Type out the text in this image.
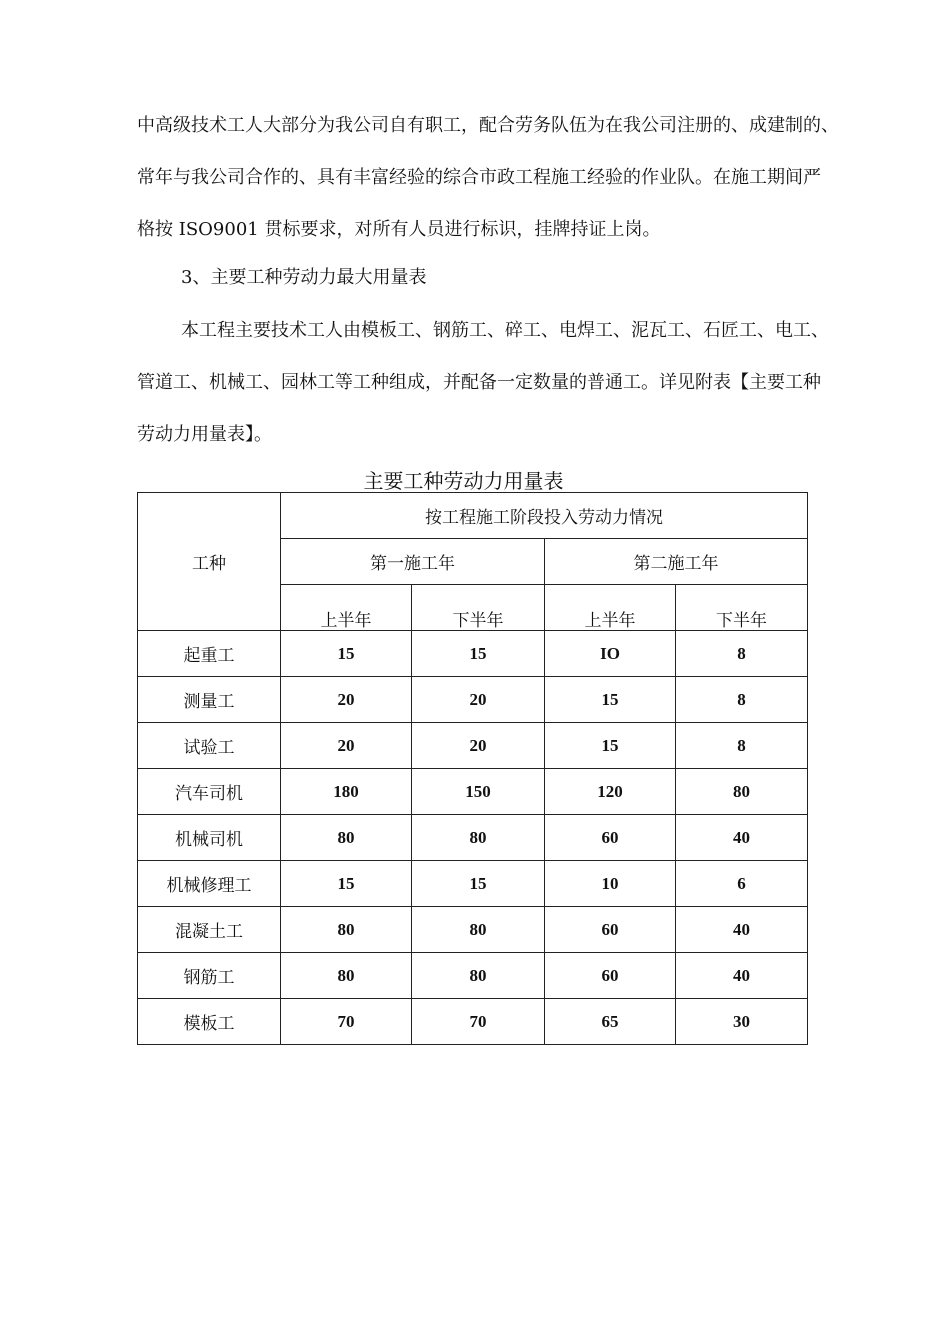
中高级技术工人大部分为我公司自有职工，配合劳务队伍为在我公司注册的、成建制的、
常年与我公司合作的、具有丰富经验的综合市政工程施工经验的作业队。在施工期间严
格按 ISO9001 贯标要求，对所有人员进行标识，挂牌持证上岗。
3、主要工种劳动力最大用量表
本工程主要技术工人由模板工、钢筋工、碎工、电焊工、泥瓦工、石匠工、电工、
管道工、机械工、园林工等工种组成，并配备一定数量的普通工。详见附表【主要工种
劳动力用量表】。
主要工种劳动力用量表
工种	按工程施工阶段投入劳动力情况			
	第一施工年		第二施工年	
	上半年	下半年	上半年	下半年
起重工	15	15	IO	8
测量工	20	20	15	8
试验工	20	20	15	8
汽车司机	180	150	120	80
机械司机	80	80	60	40
机械修理工	15	15	10	6
混凝土工	80	80	60	40
钢筋工	80	80	60	40
模板工	70	70	65	30
